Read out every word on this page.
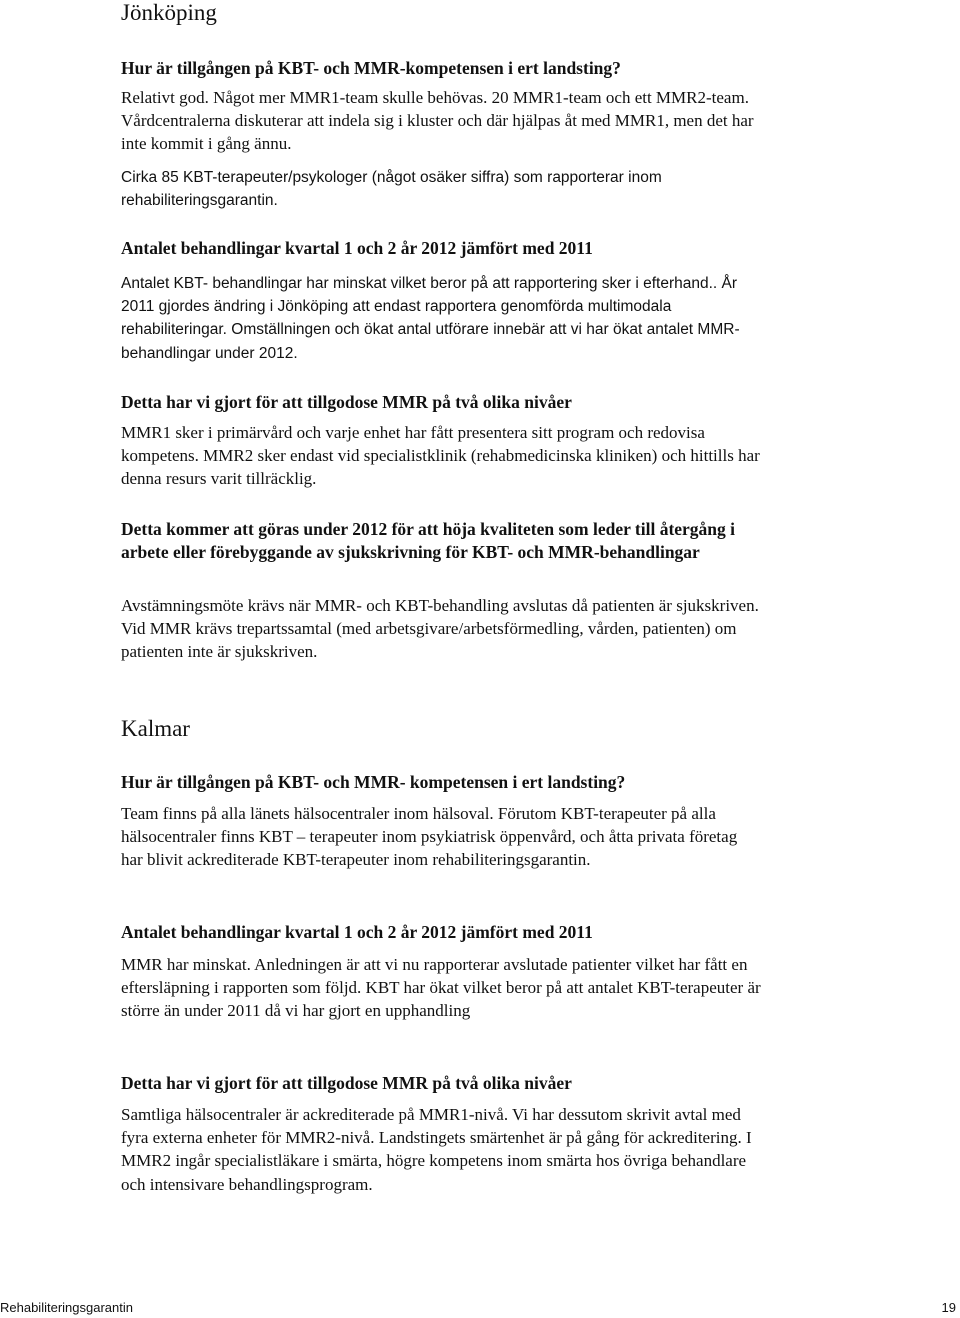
Jönköping

Hur är tillgången på KBT- och MMR-kompetensen i ert landsting?

Relativt god. Något mer MMR1-team skulle behövas. 20 MMR1-team och ett MMR2-team. Vårdcentralerna diskuterar att indela sig i kluster och där hjälpas åt med MMR1, men det har inte kommit i gång ännu.

Cirka 85 KBT-terapeuter/psykologer (något osäker siffra) som rapporterar inom rehabiliteringsgarantin.

Antalet behandlingar kvartal 1 och 2 år 2012 jämfört med 2011

Antalet KBT- behandlingar har minskat vilket beror på att rapportering sker i efterhand.. År 2011 gjordes ändring i Jönköping att endast rapportera genomförda multimodala rehabiliteringar. Omställningen och ökat antal utförare innebär att vi har ökat antalet MMR-behandlingar under 2012.

Detta har vi gjort för att tillgodose MMR på två olika nivåer

MMR1 sker i primärvård och varje enhet har fått presentera sitt program och redovisa kompetens. MMR2 sker endast vid specialistklinik (rehabmedicinska kliniken) och hittills har denna resurs varit tillräcklig.

Detta kommer att göras under 2012 för att höja kvaliteten som leder till återgång i arbete eller förebyggande av sjukskrivning för KBT- och MMR-behandlingar

Avstämningsmöte krävs när MMR- och KBT-behandling avslutas då patienten är sjukskriven. Vid MMR krävs trepartssamtal (med arbetsgivare/arbetsförmedling, vården, patienten) om patienten inte är sjukskriven.

Kalmar

Hur är tillgången på KBT- och MMR- kompetensen i ert landsting?

Team finns på alla länets hälsocentraler inom hälsoval. Förutom KBT-terapeuter på alla hälsocentraler finns KBT – terapeuter inom psykiatrisk öppenvård, och åtta privata företag har blivit ackrediterade KBT-terapeuter inom rehabiliteringsgarantin.

Antalet behandlingar kvartal 1 och 2 år 2012 jämfört med 2011

MMR har minskat. Anledningen är att vi nu rapporterar avslutade patienter vilket har fått en eftersläpning i rapporten som följd. KBT har ökat vilket beror på att antalet KBT-terapeuter är större än under 2011 då vi har gjort en upphandling

Detta har vi gjort för att tillgodose MMR på två olika nivåer

Samtliga hälsocentraler är ackrediterade på MMR1-nivå. Vi har dessutom skrivit avtal med fyra externa enheter för MMR2-nivå. Landstingets smärtenhet är på gång för ackreditering. I MMR2 ingår specialistläkare i smärta, högre kompetens inom smärta hos övriga behandlare och intensivare behandlingsprogram.

Rehabiliteringsgarantin	19
